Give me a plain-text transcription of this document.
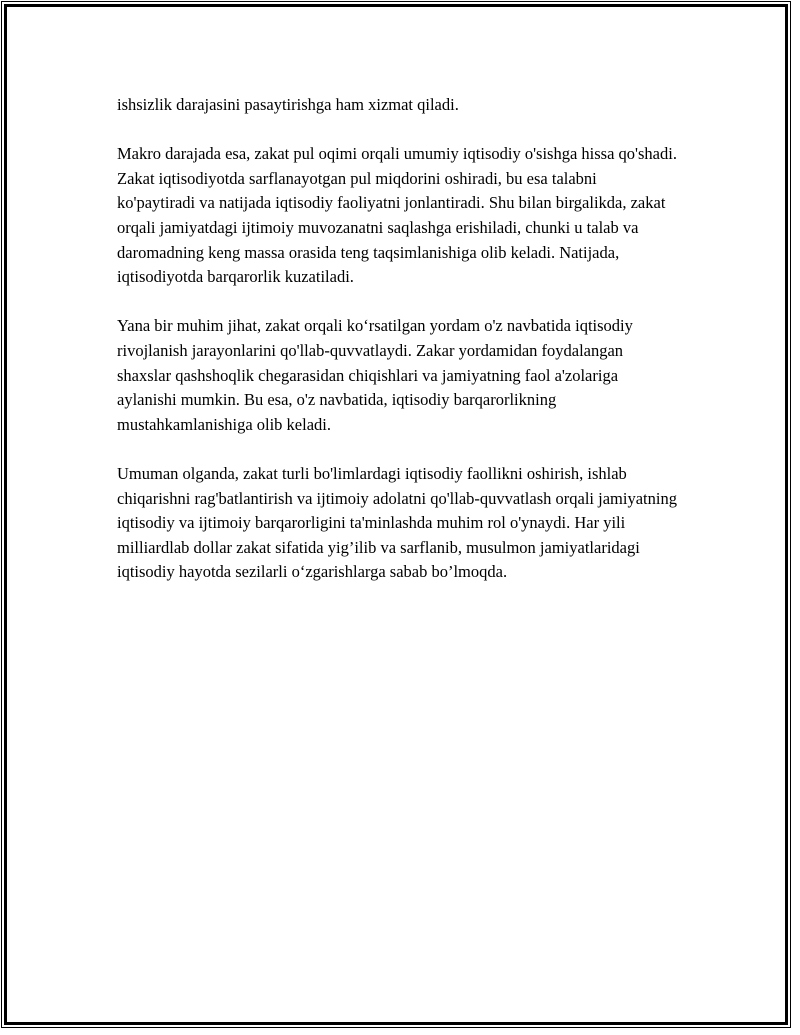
ishsizlik darajasini pasaytirishga ham xizmat qiladi.

Makro darajada esa, zakat pul oqimi orqali umumiy iqtisodiy o'sishga hissa qo'shadi. Zakat iqtisodiyotda sarflanayotgan pul miqdorini oshiradi, bu esa talabni ko'paytiradi va natijada iqtisodiy faoliyatni jonlantiradi. Shu bilan birgalikda, zakat orqali jamiyatdagi ijtimoiy muvozanatni saqlashga erishiladi, chunki u talab va daromadning keng massa orasida teng taqsimlanishiga olib keladi. Natijada, iqtisodiyotda barqarorlik kuzatiladi.

Yana bir muhim jihat, zakat orqali ko‘rsatilgan yordam o'z navbatida iqtisodiy rivojlanish jarayonlarini qo'llab-quvvatlaydi. Zakar yordamidan foydalangan shaxslar qashshoqlik chegarasidan chiqishlari va jamiyatning faol a'zolariga aylanishi mumkin. Bu esa, o'z navbatida, iqtisodiy barqarorlikning mustahkamlanishiga olib keladi.

Umuman olganda, zakat turli bo'limlardagi iqtisodiy faollikni oshirish, ishlab chiqarishni rag'batlantirish va ijtimoiy adolatni qo'llab-quvvatlash orqali jamiyatning iqtisodiy va ijtimoiy barqarorligini ta'minlashda muhim rol o'ynaydi. Har yili milliardlab dollar zakat sifatida yig’ilib va sarflanib, musulmon jamiyatlaridagi iqtisodiy hayotda sezilarli o‘zgarishlarga sabab bo’lmoqda.
